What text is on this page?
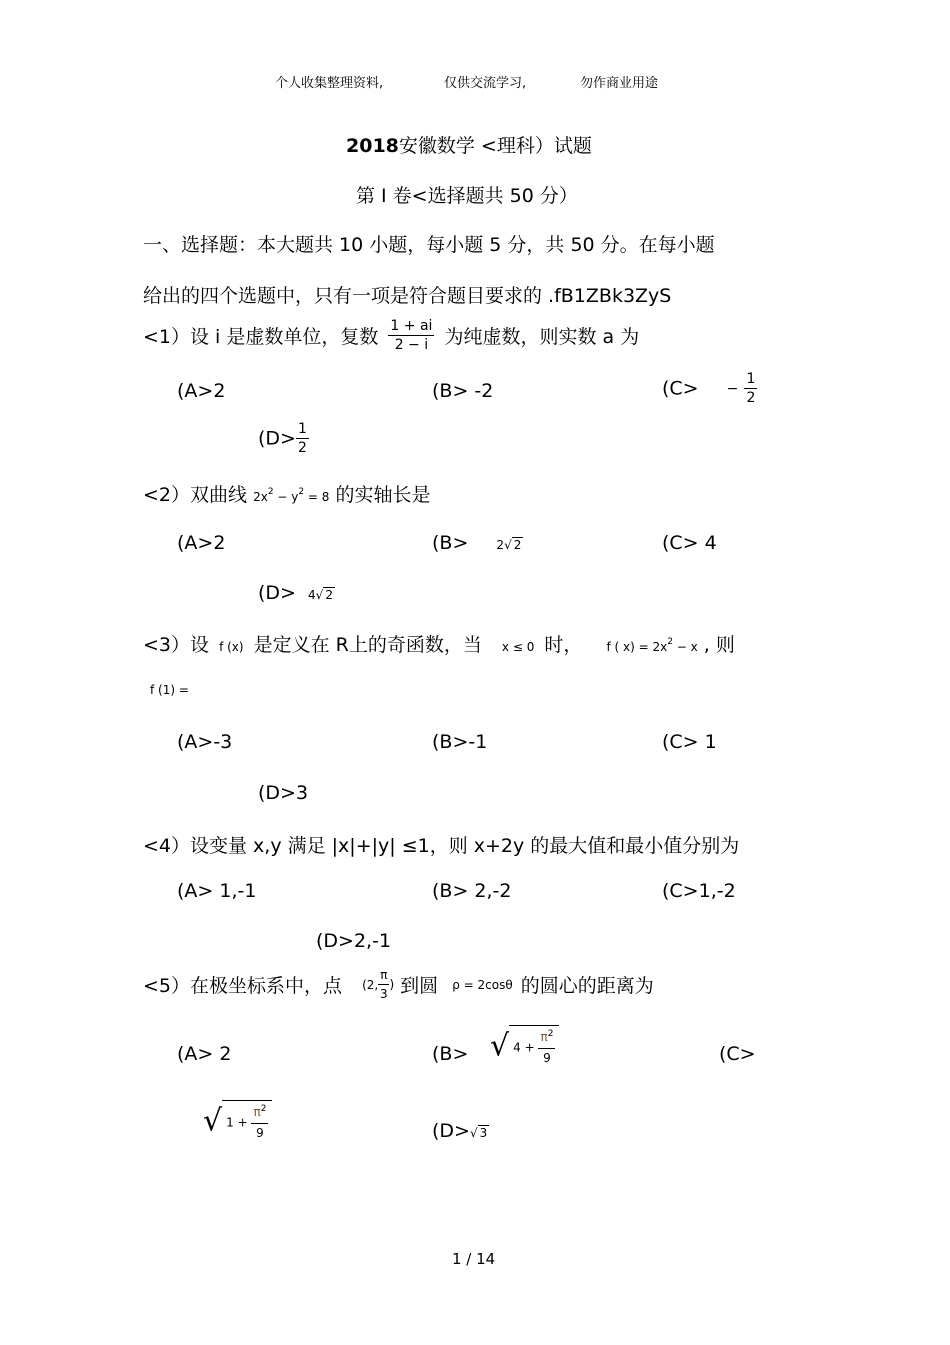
个人收集整理资料,	仅供交流学习,	勿作商业用途
2018安徽数学 <理科）试题
第 I 卷<选择题共 50 分）
一、选择题：本大题共 10 小题，每小题 5 分，共 50 分。在每小题
给出的四个选题中，只有一项是符合题目要求的 .fB1ZBk3ZyS
<1）设 i 是虚数单位，复数 $\frac{1 + ai}{2 - i}$ 为纯虚数，则实数 a 为
(A>2	(B> -2	($C> - \frac{1}{2}$
($D> \frac{1}{2}$
<2）双曲线 $2x^2 - y^2 = 8$ 的实轴长是
(A>2	(B> 2√ 2	(C> 4
(D> 4√ 2
<3）设 f (x) 是定义在 R上的奇函数，当 x ≤ 0 时， f ( $x) = 2x^2 - x$ , 则
f (1) =
(A>-3	(B>-1	(C> 1
(D>3
<4）设变量 x,y 满足 |x|+|y| ≤1，则 x+2y 的最大值和最小值分别为
(A> 1,-1	(B> 2,-2	(C>1,-2
(D>2,-1
<5）在极坐标系中，点 (2, $\frac{\pi}{3}$ ) 到圆 ρ = 2cosθ 的圆心的距离为
(A> 2	(B> √ $4 + \frac{\pi^2}{9}$	(C>
√ $1 + \frac{\pi^2}{9}$	(D>√ 3
1 / 14
